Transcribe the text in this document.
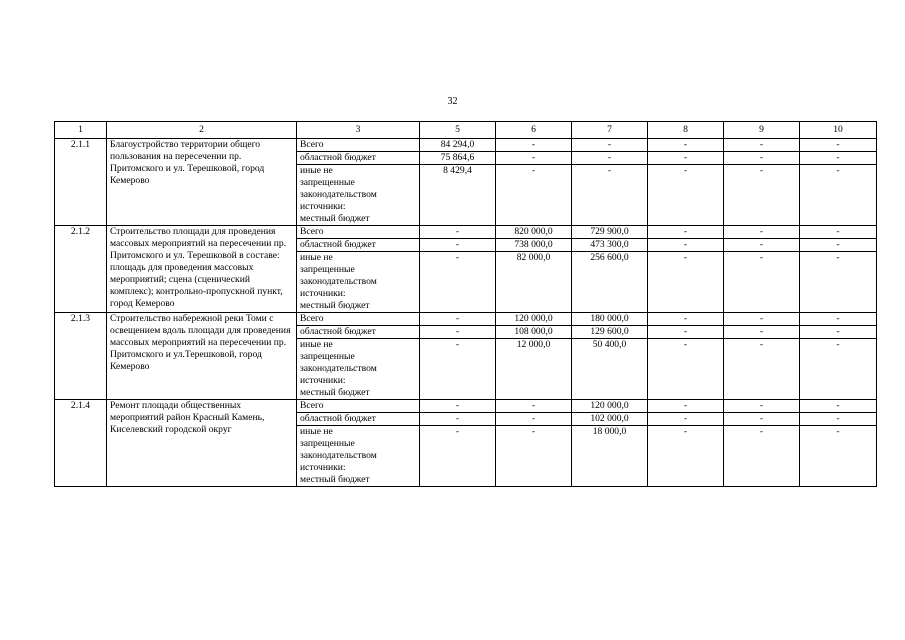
32
1	2	3	5	6	7	8	9	10
2.1.1	Благоустройство территории общего пользования на пересечении пр. Притомского и ул. Терешковой, город Кемерово	Всего	84 294,0	-	-	-	-	-
		областной бюджет	75 864,6	-	-	-	-	-
		иные не
запрещенные
законодательством
источники:
местный бюджет	8 429,4	-	-	-	-	-
2.1.2	Строительство площади для проведения массовых мероприятий на пересечении пр. Притомского и ул. Терешковой в составе: площадь для проведения массовых мероприятий; сцена (сценический комплекс); контрольно-пропускной пункт, город Кемерово	Всего	-	820 000,0	729 900,0	-	-	-
		областной бюджет	-	738 000,0	473 300,0	-	-	-
		иные не
запрещенные
законодательством
источники:
местный бюджет	-	82 000,0	256 600,0	-	-	-
2.1.3	Строительство набережной реки Томи с освещением вдоль площади для проведения массовых мероприятий на пересечении пр. Притомского и ул.Терешковой, город Кемерово	Всего	-	120 000,0	180 000,0	-	-	-
		областной бюджет	-	108 000,0	129 600,0	-	-	-
		иные не
запрещенные
законодательством
источники:
местный бюджет	-	12 000,0	50 400,0	-	-	-
2.1.4	Ремонт площади общественных мероприятий район Красный Камень, Киселевский городской округ	Всего	-	-	120 000,0	-	-	-
		областной бюджет	-	-	102 000,0	-	-	-
		иные не
запрещенные
законодательством
источники:
местный бюджет	-	-	18 000,0	-	-	-
